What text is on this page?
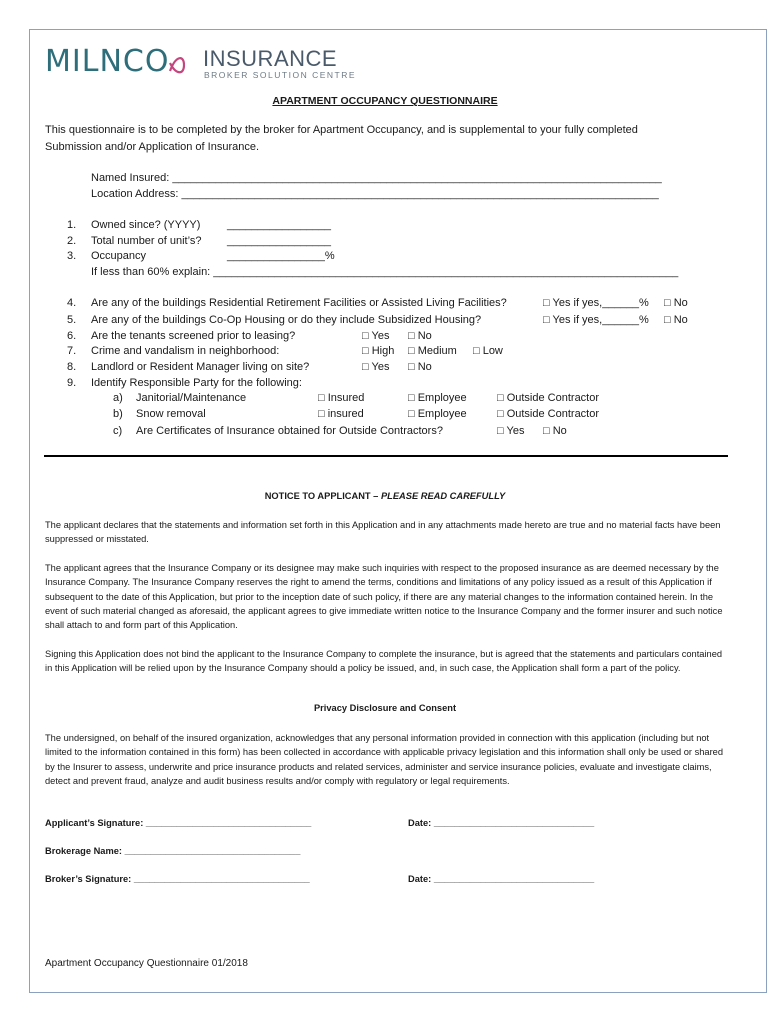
MILNCO INSURANCE
BROKER SOLUTION CENTRE
APARTMENT OCCUPANCY QUESTIONNAIRE
This questionnaire is to be completed by the broker for Apartment Occupancy, and is supplemental to your fully completed
Submission and/or Application of Insurance.
Named Insured: ________________________________________________________________________________
Location Address: ______________________________________________________________________________
1. Owned since? (YYYY) _________________
2. Total number of unit’s? _________________
3. Occupancy	________________%
If less than 60% explain: ____________________________________________________________________________
4. Are any of the buildings Residential Retirement Facilities or Assisted Living Facilities?	□ Yes if yes,______% □ No
5. Are any of the buildings Co-Op Housing or do they include Subsidized Housing?	□ Yes if yes,______% □ No
6. Are the tenants screened prior to leasing?	□ Yes □ No
7. Crime and vandalism in neighborhood:	□ High □ Medium □ Low
8. Landlord or Resident Manager living on site?	□ Yes □ No
9. Identify Responsible Party for the following:
a) Janitorial/Maintenance	□ Insured	□ Employee	□ Outside Contractor
b) Snow removal	□ insured	□ Employee	□ Outside Contractor
c) Are Certificates of Insurance obtained for Outside Contractors?	□ Yes □ No
NOTICE TO APPLICANT – PLEASE READ CAREFULLY
The applicant declares that the statements and information set forth in this Application and in any attachments made hereto are true and no material facts have been suppressed or misstated.
The applicant agrees that the Insurance Company or its designee may make such inquiries with respect to the proposed insurance as are deemed necessary by the Insurance Company. The Insurance Company reserves the right to amend the terms, conditions and limitations of any policy issued as a result of this Application if subsequent to the date of this Application, but prior to the inception date of such policy, if there are any material changes to the information contained herein. In the event of such material changed as aforesaid, the applicant agrees to give immediate written notice to the Insurance Company and the former insurer and such notice shall attach to and form part of this Application.
Signing this Application does not bind the applicant to the Insurance Company to complete the insurance, but is agreed that the statements and particulars contained in this Application will be relied upon by the Insurance Company should a policy be issued, and, in such case, the Application shall form a part of the policy.
Privacy Disclosure and Consent
The undersigned, on behalf of the insured organization, acknowledges that any personal information provided in connection with this application (including but not limited to the information contained in this form) has been collected in accordance with applicable privacy legislation and this information shall only be used or shared by the Insurer to assess, underwrite and price insurance products and related services, administer and service insurance policies, evaluate and investigate claims, detect and prevent fraud, analyze and audit business results and/or comply with regulatory or legal requirements.
Applicant’s Signature: ________________________________	Date: _______________________________
Brokerage Name: __________________________________
Broker’s Signature: __________________________________	Date: _______________________________
Apartment Occupancy Questionnaire 01/2018
